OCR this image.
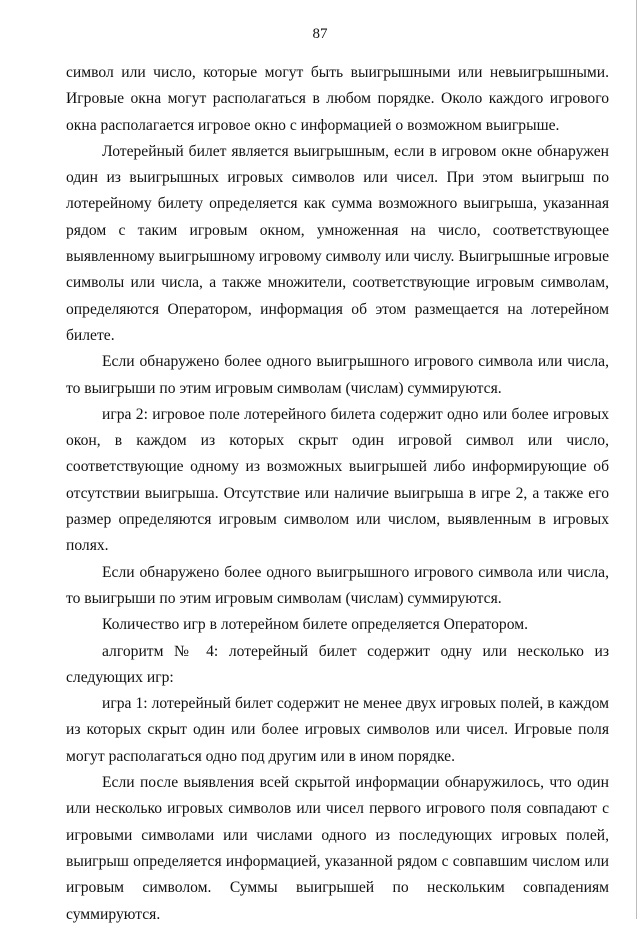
87

символ или число, которые могут быть выигрышными или невыигрышными. Игровые окна могут располагаться в любом порядке. Около каждого игрового окна располагается игровое окно с информацией о возможном выигрыше.

Лотерейный билет является выигрышным, если в игровом окне обнаружен один из выигрышных игровых символов или чисел. При этом выигрыш по лотерейному билету определяется как сумма возможного выигрыша, указанная рядом с таким игровым окном, умноженная на число, соответствующее выявленному выигрышному игровому символу или числу. Выигрышные игровые символы или числа, а также множители, соответствующие игровым символам, определяются Оператором, информация об этом размещается на лотерейном билете.

Если обнаружено более одного выигрышного игрового символа или числа, то выигрыши по этим игровым символам (числам) суммируются.

игра 2: игровое поле лотерейного билета содержит одно или более игровых окон, в каждом из которых скрыт один игровой символ или число, соответствующие одному из возможных выигрышей либо информирующие об отсутствии выигрыша. Отсутствие или наличие выигрыша в игре 2, а также его размер определяются игровым символом или числом, выявленным в игровых полях.

Если обнаружено более одного выигрышного игрового символа или числа, то выигрыши по этим игровым символам (числам) суммируются.

Количество игр в лотерейном билете определяется Оператором.

алгоритм № 4: лотерейный билет содержит одну или несколько из следующих игр:

игра 1: лотерейный билет содержит не менее двух игровых полей, в каждом из которых скрыт один или более игровых символов или чисел. Игровые поля могут располагаться одно под другим или в ином порядке.

Если после выявления всей скрытой информации обнаружилось, что один или несколько игровых символов или чисел первого игрового поля совпадают с игровыми символами или числами одного из последующих игровых полей, выигрыш определяется информацией, указанной рядом с совпавшим числом или игровым символом. Суммы выигрышей по нескольким совпадениям суммируются.
